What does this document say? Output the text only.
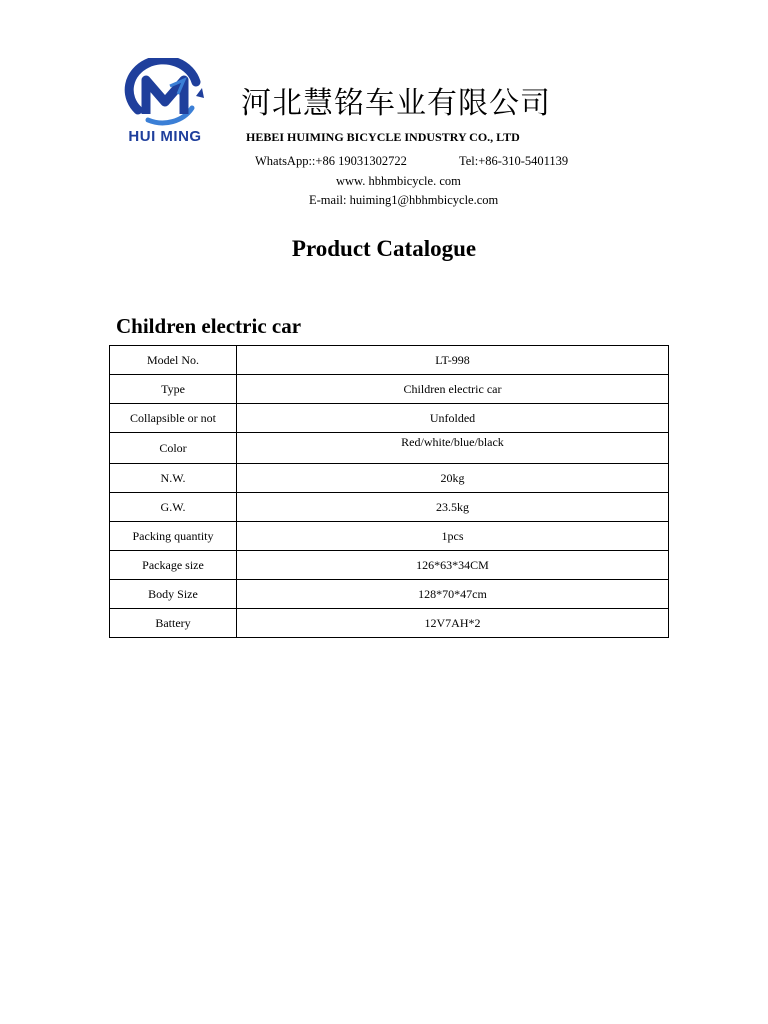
HUI MING
河北慧铭车业有限公司
HEBEI HUIMING BICYCLE INDUSTRY CO., LTD
WhatsApp::+86 19031302722	Tel:+86-310-5401139
www. hbhmbicycle. com
E-mail: huiming1@hbhmbicycle.com
Product Catalogue
Children electric car
Model No.	LT-998
Type	Children electric car
Collapsible or not	Unfolded
Color	Red/white/blue/black
N.W.	20kg
G.W.	23.5kg
Packing quantity	1pcs
Package size	126*63*34CM
Body Size	128*70*47cm
Battery	12V7AH*2
